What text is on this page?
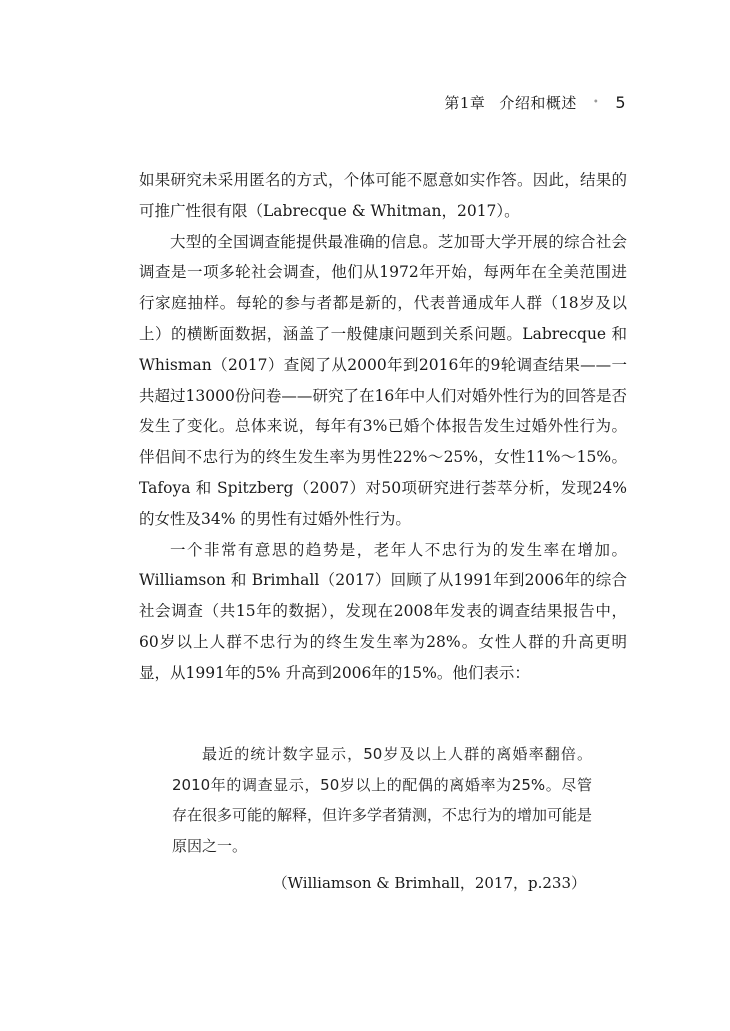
第1章 介绍和概述 • 5

如果研究未采用匿名的方式，个体可能不愿意如实作答。因此，结果的可推广性很有限（Labrecque & Whitman，2017）。

大型的全国调查能提供最准确的信息。芝加哥大学开展的综合社会调查是一项多轮社会调查，他们从1972年开始，每两年在全美范围进行家庭抽样。每轮的参与者都是新的，代表普通成年人群（18岁及以上）的横断面数据，涵盖了一般健康问题到关系问题。Labrecque 和 Whisman（2017）查阅了从2000年到2016年的9轮调查结果——一共超过13000份问卷——研究了在16年中人们对婚外性行为的回答是否发生了变化。总体来说，每年有3%已婚个体报告发生过婚外性行为。伴侣间不忠行为的终生发生率为男性22%～25%，女性11%～15%。Tafoya 和 Spitzberg（2007）对50项研究进行荟萃分析，发现24% 的女性及34% 的男性有过婚外性行为。

一个非常有意思的趋势是，老年人不忠行为的发生率在增加。Williamson 和 Brimhall（2017）回顾了从1991年到2006年的综合社会调查（共15年的数据），发现在2008年发表的调查结果报告中，60岁以上人群不忠行为的终生发生率为28%。女性人群的升高更明显，从1991年的5% 升高到2006年的15%。他们表示：

最近的统计数字显示，50岁及以上人群的离婚率翻倍。2010年的调查显示，50岁以上的配偶的离婚率为25%。尽管存在很多可能的解释，但许多学者猜测，不忠行为的增加可能是原因之一。

（Williamson & Brimhall，2017，p.233）
